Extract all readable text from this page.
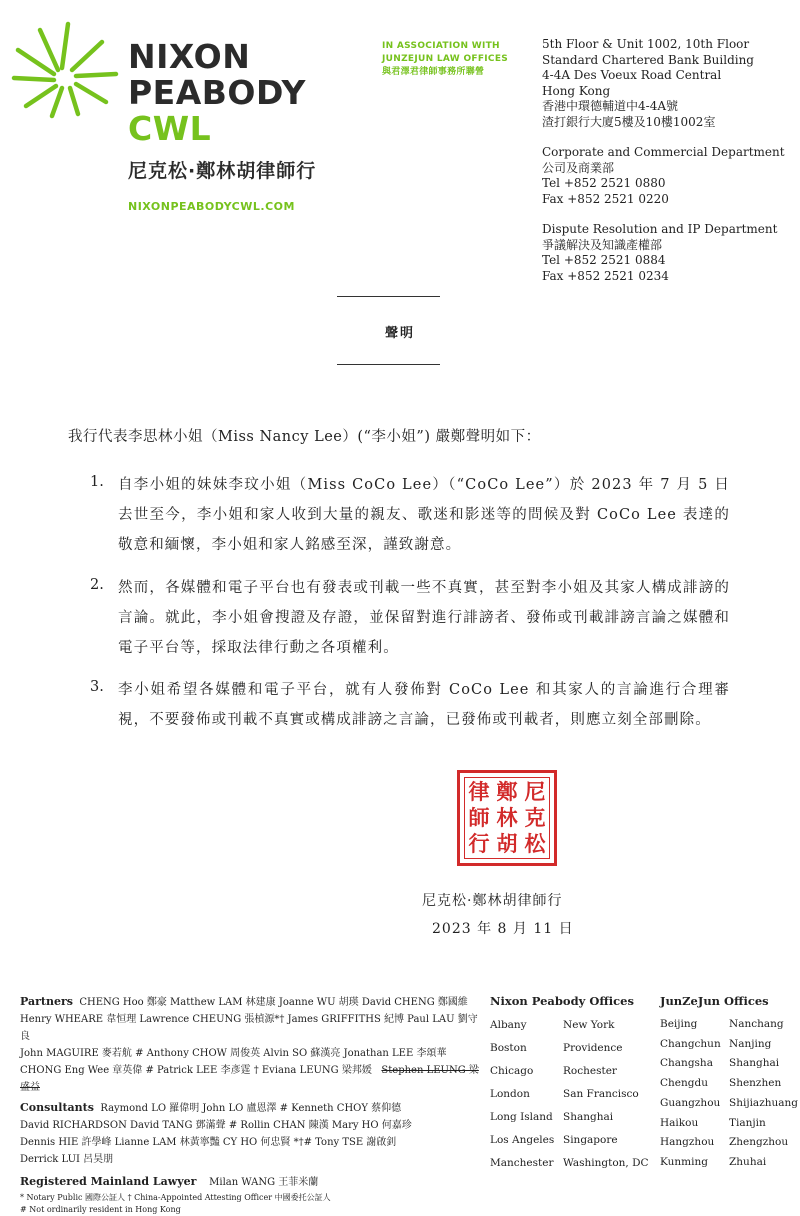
NIXON
PEABODY
CWL
尼克松·鄭林胡律師行
NIXONPEABODYCWL.COM
IN ASSOCIATION WITH
JUNZEJUN LAW OFFICES
與君澤君律師事務所聯營
5th Floor & Unit 1002, 10th Floor
Standard Chartered Bank Building
4-4A Des Voeux Road Central
Hong Kong
香港中環德輔道中4-4A號
渣打銀行大廈5樓及10樓1002室
Corporate and Commercial Department
公司及商業部
Tel +852 2521 0880
Fax +852 2521 0220
Dispute Resolution and IP Department
爭議解決及知識產權部
Tel +852 2521 0884
Fax +852 2521 0234
聲明
我行代表李思林小姐（Miss Nancy Lee）(“李小姐”) 嚴鄭聲明如下：
1. 自李小姐的妹妹李玟小姐（Miss CoCo Lee）（“CoCo Lee”）於 2023 年 7 月 5 日去世至今，李小姐和家人收到大量的親友、歌迷和影迷等的問候及對 CoCo Lee 表達的敬意和緬懷，李小姐和家人銘感至深，謹致謝意。
2. 然而，各媒體和電子平台也有發表或刊載一些不真實，甚至對李小姐及其家人構成誹謗的言論。就此，李小姐會搜證及存證，並保留對進行誹謗者、發佈或刊載誹謗言論之媒體和電子平台等，採取法律行動之各項權利。
3. 李小姐希望各媒體和電子平台，就有人發佈對 CoCo Lee 和其家人的言論進行合理審視，不要發佈或刊載不真實或構成誹謗之言論，已發佈或刊載者，則應立刻全部刪除。
尼
克
松
鄭
林
胡
律
師
行
尼克松·鄭林胡律師行
2023 年 8 月 11 日
Partners CHENG Hoo 鄭豪 Matthew LAM 林建康 Joanne WU 胡瑛 David CHENG 鄭國維
Henry WHEARE 韋恒理 Lawrence CHEUNG 張楨源*† James GRIFFITHS 紀博 Paul LAU 劉守良
John MAGUIRE 麥若航 # Anthony CHOW 周俊英 Alvin SO 蘇漢亮 Jonathan LEE 李頌華
CHONG Eng Wee 章英偉 # Patrick LEE 李彥霆 † Eviana LEUNG 梁邦媛 Stephen LEUNG 梁盛益
Consultants Raymond LO 羅偉明 John LO 盧恩澤 # Kenneth CHOY 蔡仰德
David RICHARDSON David TANG 鄧滿聲 # Rollin CHAN 陳漢 Mary HO 何嘉珍
Dennis HIE 許學峰 Lianne LAM 林黃寧豔 CY HO 何忠賢 *†# Tony TSE 謝啟釗
Derrick LUI 呂昊朋
Registered Mainland Lawyer Milan WANG 王菲米蘭
* Notary Public 國際公証人 † China-Appointed Attesting Officer 中國委托公証人
# Not ordinarily resident in Hong Kong
Nixon Peabody Offices
Albany
Boston
Chicago
London
Long Island
Los Angeles
Manchester
New York
Providence
Rochester
San Francisco
Shanghai
Singapore
Washington, DC
JunZeJun Offices
Beijing
Changchun
Changsha
Chengdu
Guangzhou
Haikou
Hangzhou
Kunming
Nanchang
Nanjing
Shanghai
Shenzhen
Shijiazhuang
Tianjin
Zhengzhou
Zhuhai
